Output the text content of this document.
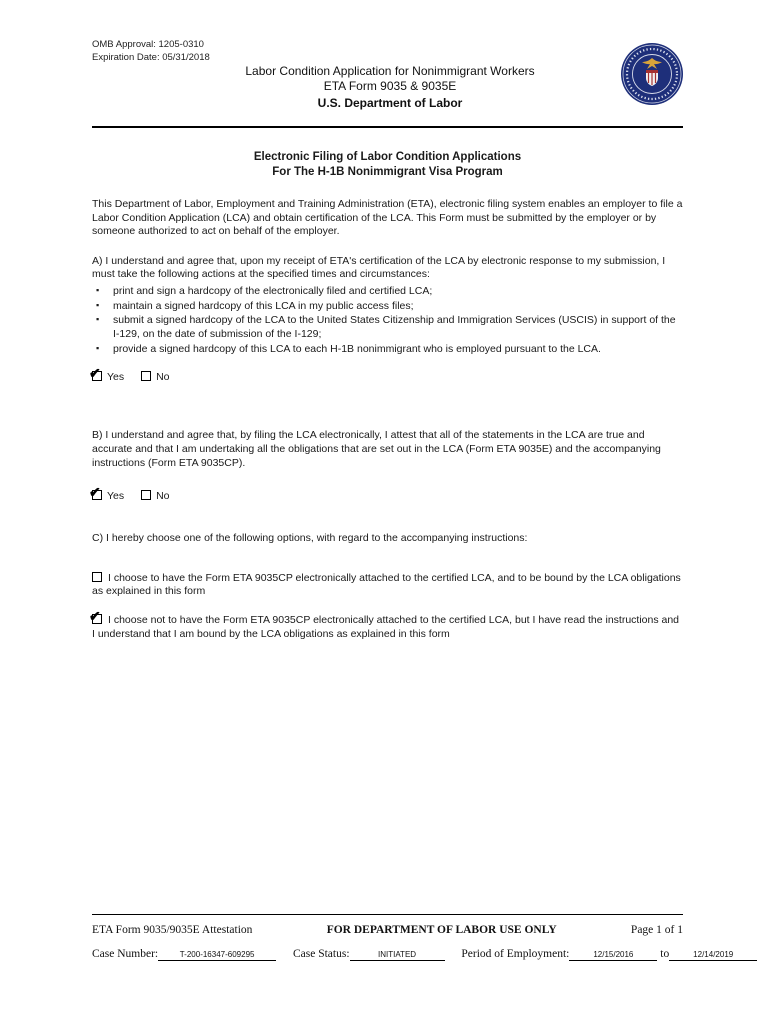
OMB Approval: 1205-0310
Expiration Date: 05/31/2018
Labor Condition Application for Nonimmigrant Workers
ETA Form 9035 & 9035E
U.S. Department of Labor
Electronic Filing of Labor Condition Applications
For The H-1B Nonimmigrant Visa Program

This Department of Labor, Employment and Training Administration (ETA), electronic filing system enables an employer to file a Labor Condition Application (LCA) and obtain certification of the LCA. This Form must be submitted by the employer or by someone authorized to act on behalf of the employer.

A) I understand and agree that, upon my receipt of ETA's certification of the LCA by electronic response to my submission, I must take the following actions at the specified times and circumstances:

▪ print and sign a hardcopy of the electronically filed and certified LCA;
▪ maintain a signed hardcopy of this LCA in my public access files;
▪ submit a signed hardcopy of the LCA to the United States Citizenship and Immigration Services (USCIS) in support of the I-129, on the date of submission of the I-129;
▪ provide a signed hardcopy of this LCA to each H-1B nonimmigrant who is employed pursuant to the LCA.
✔Yes	No

B) I understand and agree that, by filing the LCA electronically, I attest that all of the statements in the LCA are true and accurate and that I am undertaking all the obligations that are set out in the LCA (Form ETA 9035E) and the accompanying instructions (Form ETA 9035CP).

✔Yes	No

C) I hereby choose one of the following options, with regard to the accompanying instructions:

I choose to have the Form ETA 9035CP electronically attached to the certified LCA, and to be bound by the LCA obligations as explained in this form
✔I choose not to have the Form ETA 9035CP electronically attached to the certified LCA, but I have read the instructions and I understand that I am bound by the LCA obligations as explained in this form
ETA Form 9035/9035E Attestation	FOR DEPARTMENT OF LABOR USE ONLY	Page 1 of 1
Case Number:	T-200-16347-609295	Case Status:	INITIATED	Period of Employment:	12/15/2016 to	12/14/2019
